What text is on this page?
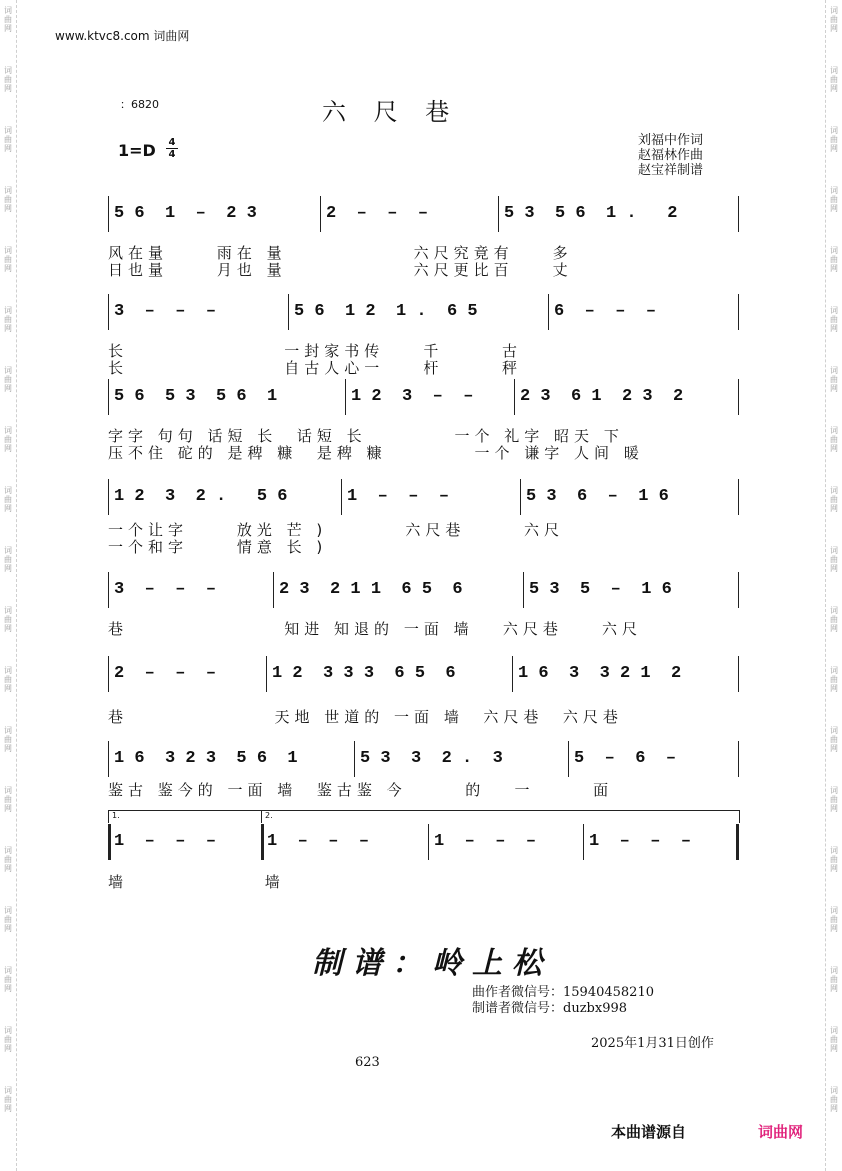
词
曲
网
词
曲
网
词
曲
网
词
曲
网
词
曲
网
词
曲
网
词
曲
网
词
曲
网
词
曲
网
词
曲
网
词
曲
网
词
曲
网
词
曲
网
词
曲
网
词
曲
网
词
曲
网
词
曲
网
词
曲
网
词
曲
网
词
曲
网
词
曲
网
词
曲
网
词
曲
网
词
曲
网
词
曲
网
词
曲
网
词
曲
网
词
曲
网
词
曲
网
词
曲
网
词
曲
网
词
曲
网
词
曲
网
词
曲
网
词
曲
网
词
曲
网
词
曲
网
词
曲
网
www.ktvc8.com 词曲网
：6820	六 尺 巷
1=D 4
4
刘福中作词
赵福林作曲
赵宝祥制谱
5 6  1  –  2 3	2  –  –  –	5 3  5 6  1 .   2
风在量     雨在 量             六尺究竟有    多
日也量     月也 量             六尺更比百    丈
3  –  –  –	5 6  1 2  1 .  6 5	6  –  –  –
长                一封家书传    千      古
长                自古人心一    杆      秤
5 6  5 3  5 6  1	1 2  3  –  –	2 3  6 1  2 3  2
字字 句句 话短 长  话短 长         一个 礼字 昭天 下
压不住 砣的 是稗 糠  是稗 糠         一个 谦字 人间 暖
1 2  3  2 .   5 6	1  –  –  –	5 3  6  –  1 6
一个让字     放光 芒 )        六尺巷      六尺
一个和字     情意 长 )
3  –  –  –	2 3  2 1 1  6 5  6	5 3  5  –  1 6
巷                知进 知退的 一面 墙   六尺巷    六尺
2  –  –  –	1 2  3 3 3  6 5  6	1 6  3  3 2 1  2
巷               天地 世道的 一面 墙  六尺巷  六尺巷
1 6  3 2 3  5 6  1	5 3  3  2 .  3	5  –  6  –
鉴古 鉴今的 一面 墙  鉴古鉴 今      的   一      面
1  –  –  –	1  –  –  –	1  –  –  –	1  –  –  –
1.	2.
墙              墙
制谱：岭上松
曲作者微信号：15940458210
制谱者微信号：duzbx998
2025年1月31日创作
623
本曲谱源自	词曲网
